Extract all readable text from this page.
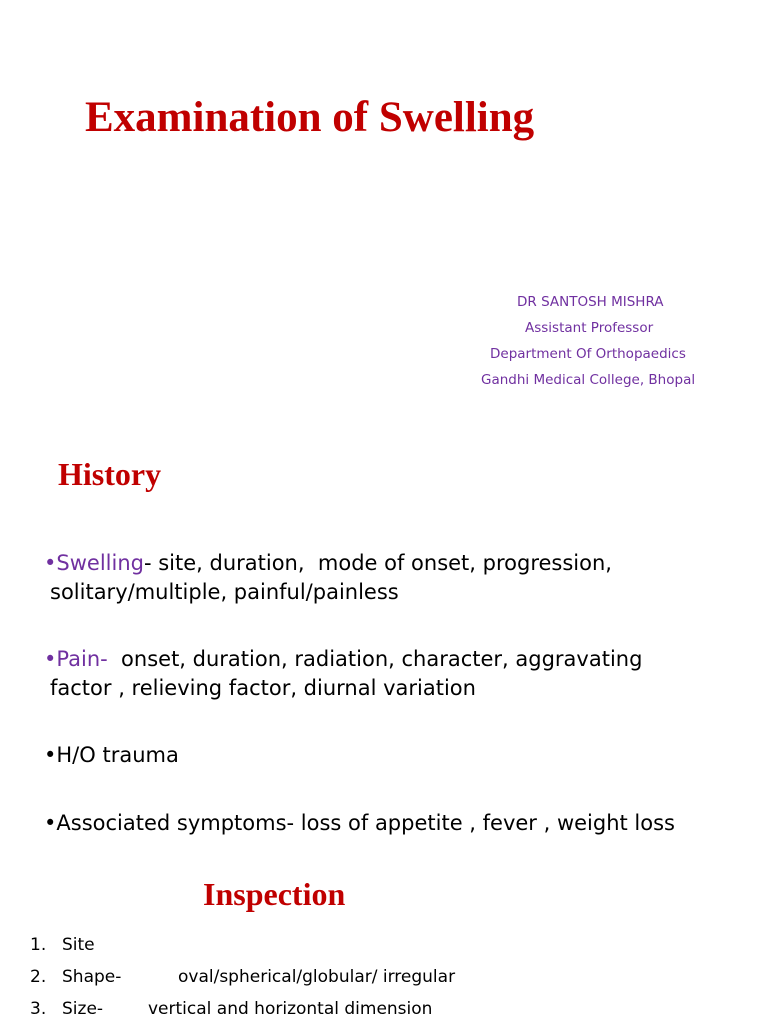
Examination of Swelling

DR SANTOSH MISHRA

Assistant Professor

Department Of Orthopaedics

Gandhi Medical College, Bhopal

History
•Swelling- site, duration,  mode of onset, progression,
solitary/multiple, painful/painless
•Pain-  onset, duration, radiation, character, aggravating
factor , relieving factor, diurnal variation
•H/O trauma
•Associated symptoms- loss of appetite , fever , weight loss
Inspection
1. Site
2. Shape-	oval/spherical/globular/ irregular
3. Size-	vertical and horizontal dimension
